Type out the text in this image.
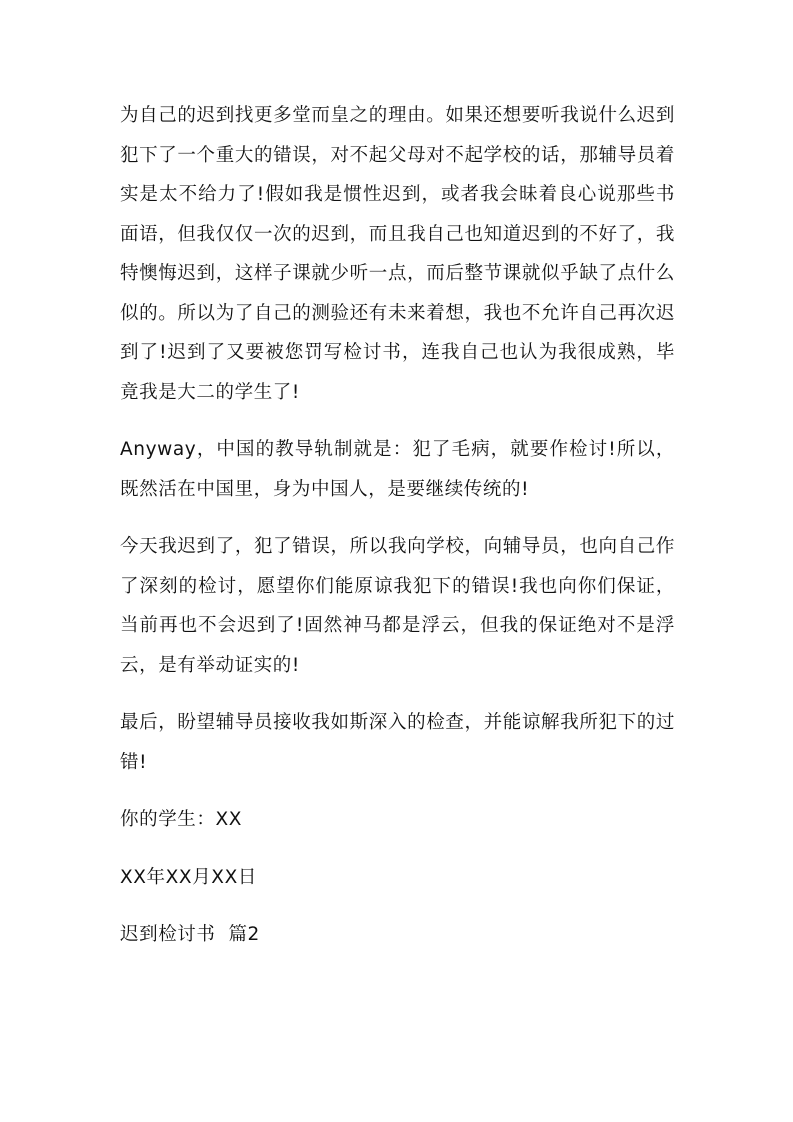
为自己的迟到找更多堂而皇之的理由。如果还想要听我说什么迟到犯下了一个重大的错误，对不起父母对不起学校的话，那辅导员着实是太不给力了!假如我是惯性迟到，或者我会昧着良心说那些书面语，但我仅仅一次的迟到，而且我自己也知道迟到的不好了，我特懊悔迟到，这样子课就少听一点，而后整节课就似乎缺了点什么似的。所以为了自己的测验还有未来着想，我也不允许自己再次迟到了!迟到了又要被您罚写检讨书，连我自己也认为我很成熟，毕竟我是大二的学生了!

Anyway，中国的教导轨制就是：犯了毛病，就要作检讨!所以，既然活在中国里，身为中国人，是要继续传统的!

今天我迟到了，犯了错误，所以我向学校，向辅导员，也向自己作了深刻的检讨，愿望你们能原谅我犯下的错误!我也向你们保证，当前再也不会迟到了!固然神马都是浮云，但我的保证绝对不是浮云，是有举动证实的!

最后，盼望辅导员接收我如斯深入的检查，并能谅解我所犯下的过错!

你的学生：XX

XX年XX月XX日

迟到检讨书  篇2
